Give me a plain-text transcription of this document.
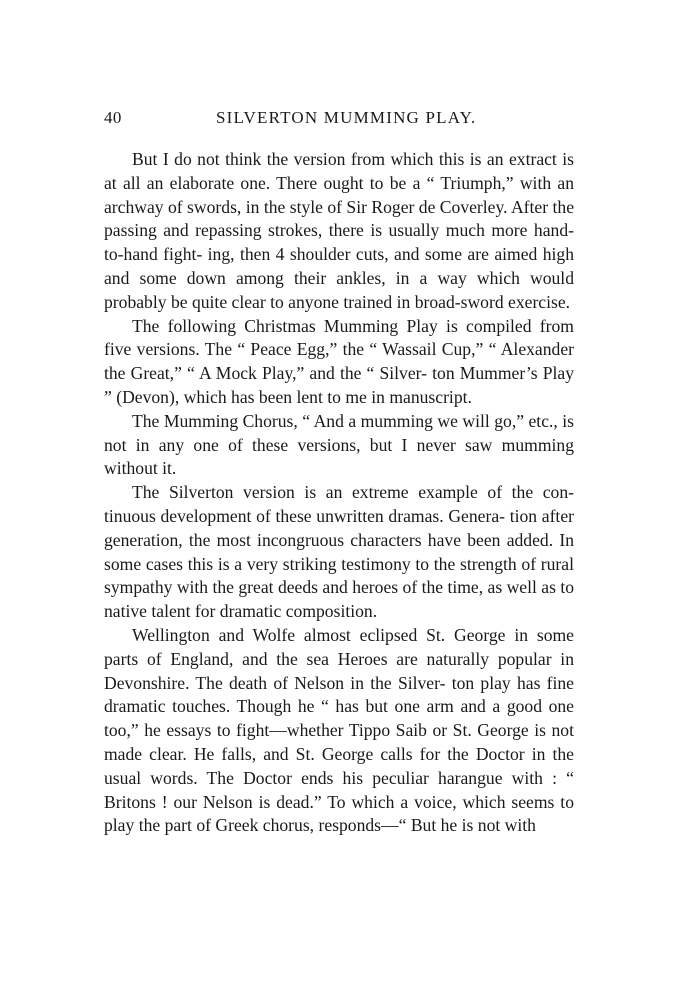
40	SILVERTON MUMMING PLAY.

But I do not think the version from which this is an extract is at all an elaborate one. There ought to be a “ Triumph,” with an archway of swords, in the style of Sir Roger de Coverley. After the passing and repassing strokes, there is usually much more hand-to-hand fight- ing, then 4 shoulder cuts, and some are aimed high and some down among their ankles, in a way which would probably be quite clear to anyone trained in broad-sword exercise.

The following Christmas Mumming Play is compiled from five versions. The “ Peace Egg,” the “ Wassail Cup,” “ Alexander the Great,” “ A Mock Play,” and the “ Silver- ton Mummer’s Play ” (Devon), which has been lent to me in manuscript.

The Mumming Chorus, “ And a mumming we will go,” etc., is not in any one of these versions, but I never saw mumming without it.

The Silverton version is an extreme example of the con- tinuous development of these unwritten dramas. Genera- tion after generation, the most incongruous characters have been added. In some cases this is a very striking testimony to the strength of rural sympathy with the great deeds and heroes of the time, as well as to native talent for dramatic composition.

Wellington and Wolfe almost eclipsed St. George in some parts of England, and the sea Heroes are naturally popular in Devonshire. The death of Nelson in the Silver- ton play has fine dramatic touches. Though he “ has but one arm and a good one too,” he essays to fight—whether Tippo Saib or St. George is not made clear. He falls, and St. George calls for the Doctor in the usual words. The Doctor ends his peculiar harangue with : “ Britons ! our Nelson is dead.” To which a voice, which seems to play the part of Greek chorus, responds—“ But he is not with
